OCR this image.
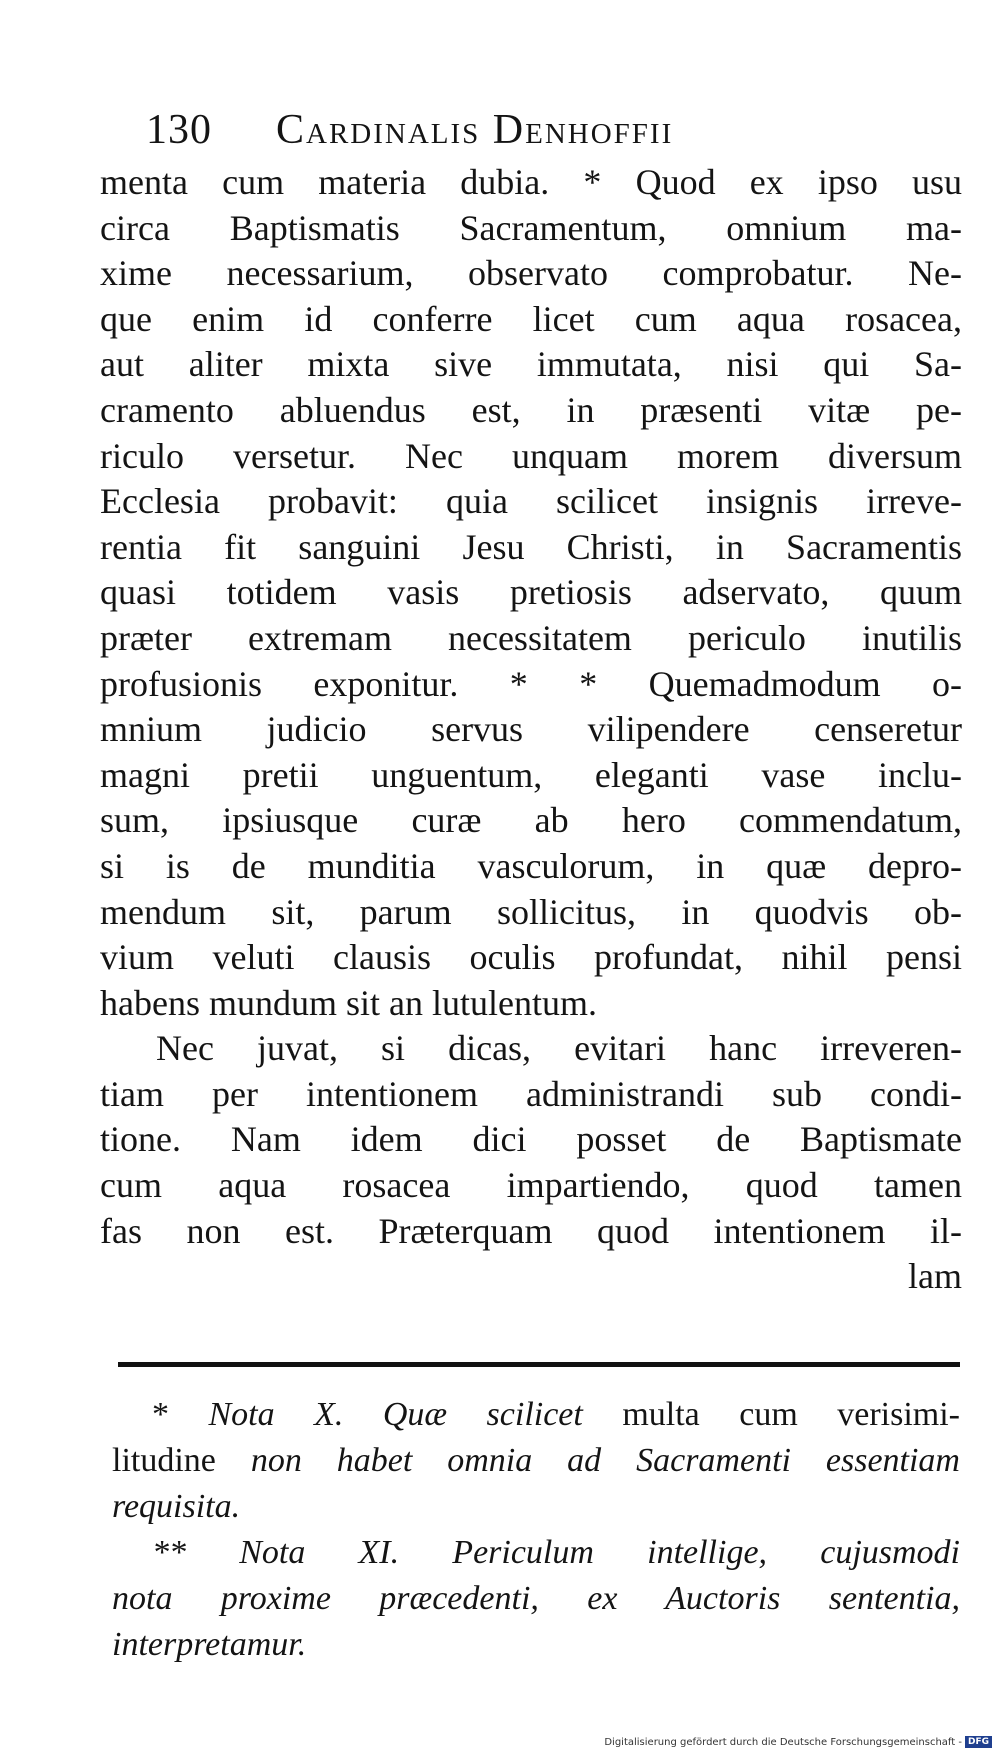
130 Cardinalis Denhoffii
menta cum materia dubia. * Quod ex ipso usu
circa Baptismatis Sacramentum, omnium ma-
xime necessarium, observato comprobatur. Ne-
que enim id conferre licet cum aqua rosacea,
aut aliter mixta sive immutata, nisi qui Sa-
cramento abluendus est, in præsenti vitæ pe-
riculo versetur. Nec unquam morem diversum
Ecclesia probavit: quia scilicet insignis irreve-
rentia fit sanguini Jesu Christi, in Sacramentis
quasi totidem vasis pretiosis adservato, quum
præter extremam necessitatem periculo inutilis
profusionis exponitur. * * Quemadmodum o-
mnium judicio servus vilipendere censeretur
magni pretii unguentum, eleganti vase inclu-
sum, ipsiusque curæ ab hero commendatum,
si is de munditia vasculorum, in quæ depro-
mendum sit, parum sollicitus, in quodvis ob-
vium veluti clausis oculis profundat, nihil pensi
habens mundum sit an lutulentum.
Nec juvat, si dicas, evitari hanc irreveren-
tiam per intentionem administrandi sub condi-
tione. Nam idem dici posset de Baptismate
cum aqua rosacea impartiendo, quod tamen
fas non est. Præterquam quod intentionem il-
lam
* Nota X. Quæ scilicet multa cum verisimi-
litudine non habet omnia ad Sacramenti essentiam
requisita.
** Nota XI. Periculum intellige, cujusmodi
nota proxime præcedenti, ex Auctoris sententia,
interpretamur.
Digitalisierung gefördert durch die Deutsche Forschungsgemeinschaft - DFG
